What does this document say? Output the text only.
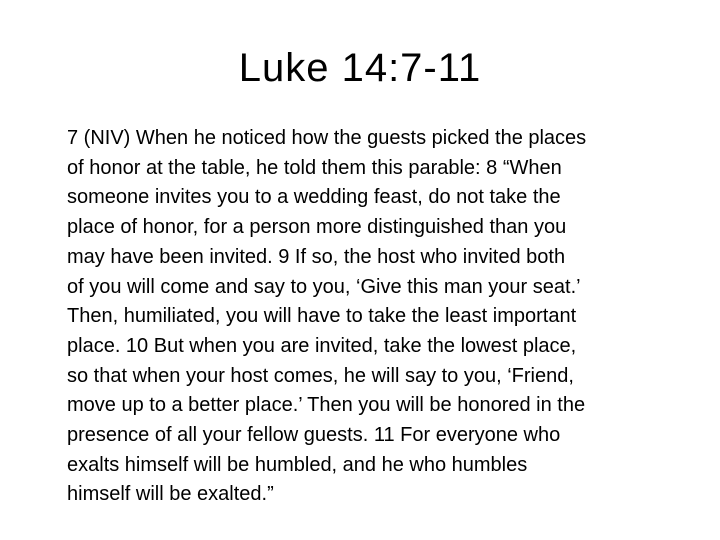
Luke 14:7-11
7 (NIV) When he noticed how the guests picked the places
of honor at the table, he told them this parable: 8 “When
someone invites you to a wedding feast, do not take the
place of honor, for a person more distinguished than you
may have been invited. 9 If so, the host who invited both
of you will come and say to you, ‘Give this man your seat.’
Then, humiliated, you will have to take the least important
place. 10 But when you are invited, take the lowest place,
so that when your host comes, he will say to you, ‘Friend,
move up to a better place.’ Then you will be honored in the
presence of all your fellow guests. 11 For everyone who
exalts himself will be humbled, and he who humbles
himself will be exalted.”
